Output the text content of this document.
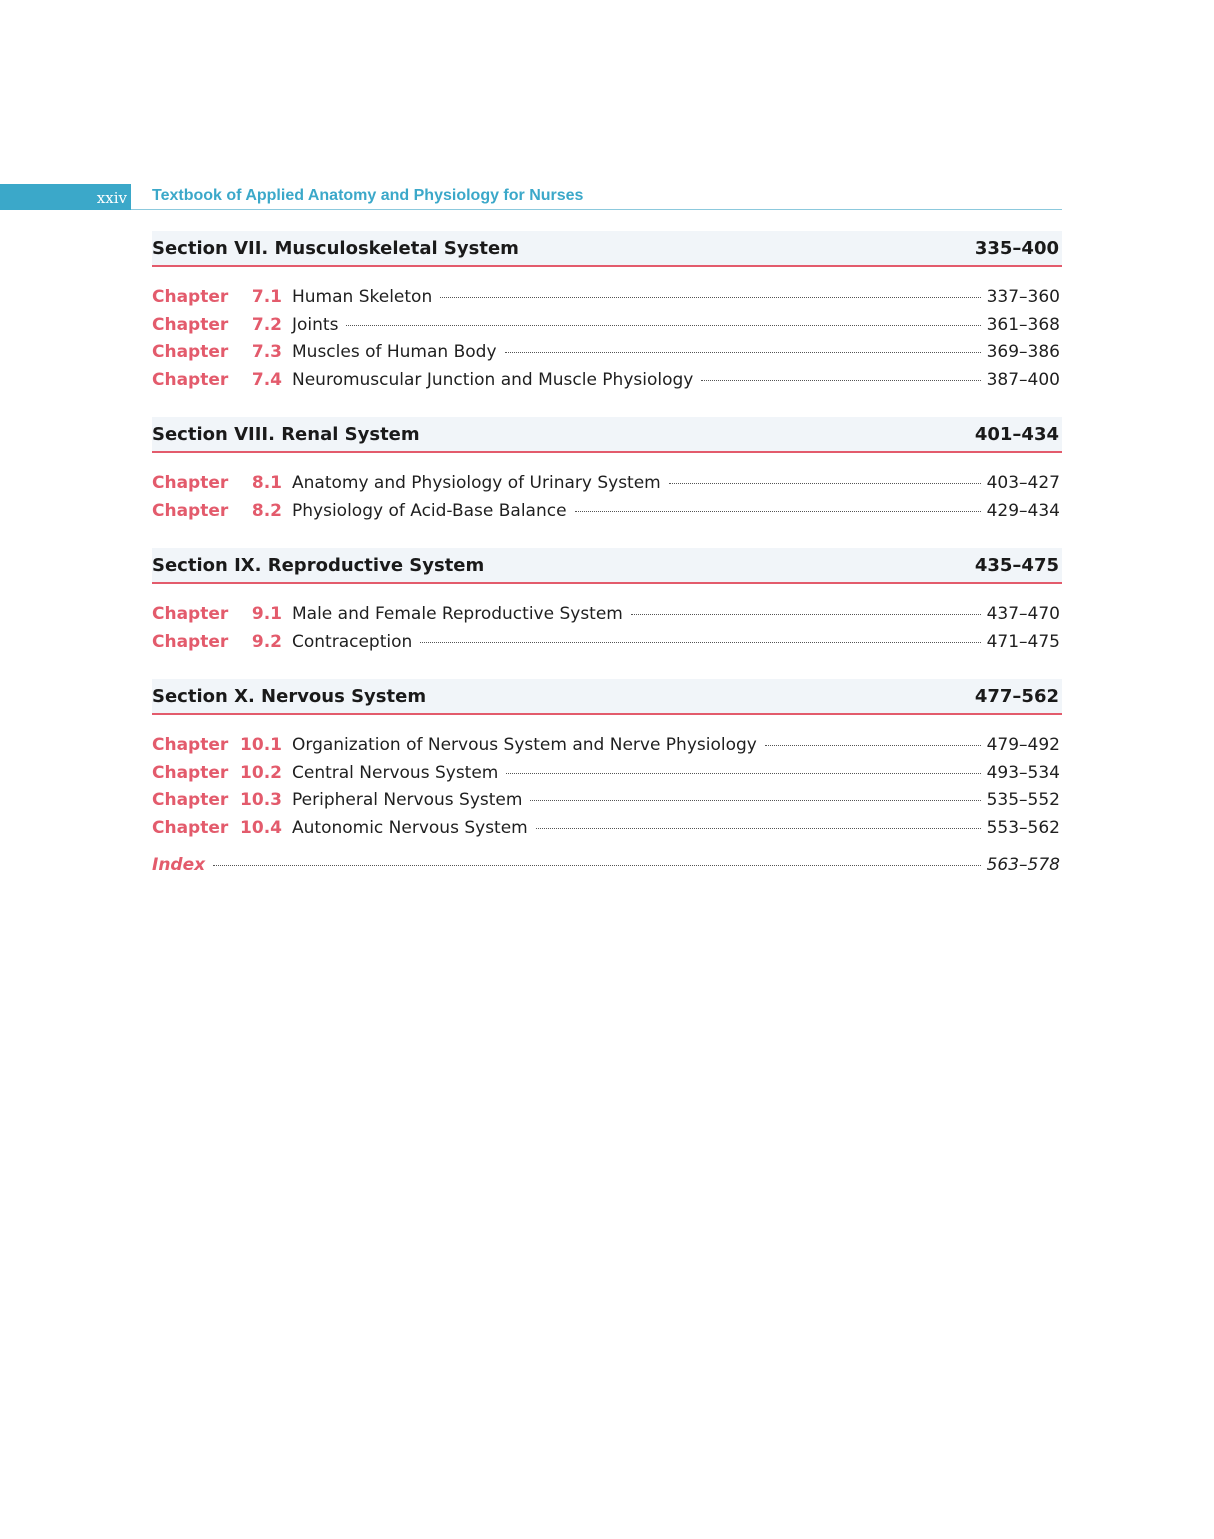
xxiv Textbook of Applied Anatomy and Physiology for Nurses
Section VII. Musculoskeletal System	335–400
Chapter	7.1 Human Skeleton	337–360
Chapter	7.2 Joints	361–368
Chapter	7.3 Muscles of Human Body	369–386
Chapter	7.4 Neuromuscular Junction and Muscle Physiology	387–400
Section VIII. Renal System	401–434
Chapter	8.1 Anatomy and Physiology of Urinary System	403–427
Chapter	8.2 Physiology of Acid-Base Balance	429–434
Section IX. Reproductive System	435–475
Chapter	9.1 Male and Female Reproductive System	437–470
Chapter	9.2 Contraception	471–475
Section X. Nervous System	477–562
Chapter 10.1 Organization of Nervous System and Nerve Physiology	479–492
Chapter 10.2 Central Nervous System	493–534
Chapter 10.3 Peripheral Nervous System	535–552
Chapter 10.4 Autonomic Nervous System	553–562
Index	563–578
